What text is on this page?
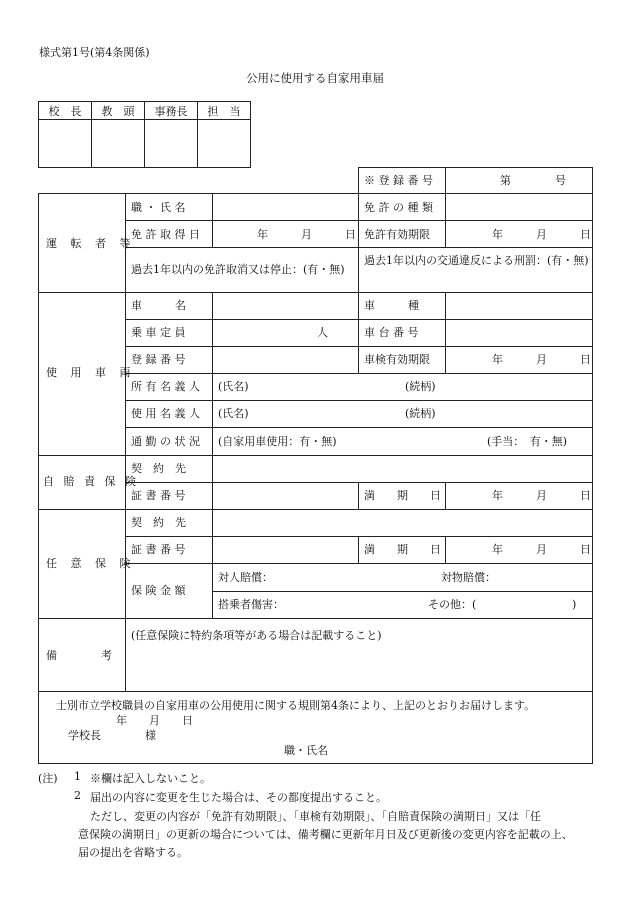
様式第1号(第4条関係)
公用に使用する自家用車届
校　長	教　頭	事務長	担　当

※ 登 録 番 号	第　　　　号
運 転 者 等
職 ・ 氏 名	免 許 の 種 類
免 許 取 得 日	年　　　月　　　日 免許有効期限	年　　　月　　　日
過去1年以内の免許取消又は停止：(有・無)
過去1年以内の交通違反による刑罰：(有・無)
使 用 車 両
車　　　名	車　　　種
乗 車 定 員	人	車 台 番 号
登 録 番 号	車検有効期限	年　　　月　　　日
所 有 名 義 人 (氏名)	(続柄)
使 用 名 義 人 (氏名)	(続柄)
通 勤 の 状 況 (自家用車使用：有・無)	(手当：　有・無)
自 賠 責 保 険
契　約　先
証 書 番 号	満　　期　　日	年　　　月　　　日
任 意 保 険
契　約　先
証 書 番 号	満　　期　　日	年　　　月　　　日
保 険 金 額
対人賠償：	対物賠償：
搭乗者傷害：	その他：(	)
備　　　　考
(任意保険に特約条項等がある場合は記載すること)
士別市立学校職員の自家用車の公用使用に関する規則第4条により、上記のとおりお届けします。
年　　月　　日
学校長　　　　様
職・氏名
(注) 1 ※欄は記入しないこと。
2 届出の内容に変更を生じた場合は、その都度提出すること。
ただし、変更の内容が「免許有効期限」、「車検有効期限」、「自賠責保険の満期日」又は「任
意保険の満期日」の更新の場合については、備考欄に更新年月日及び更新後の変更内容を記載の上、
届の提出を省略する。
